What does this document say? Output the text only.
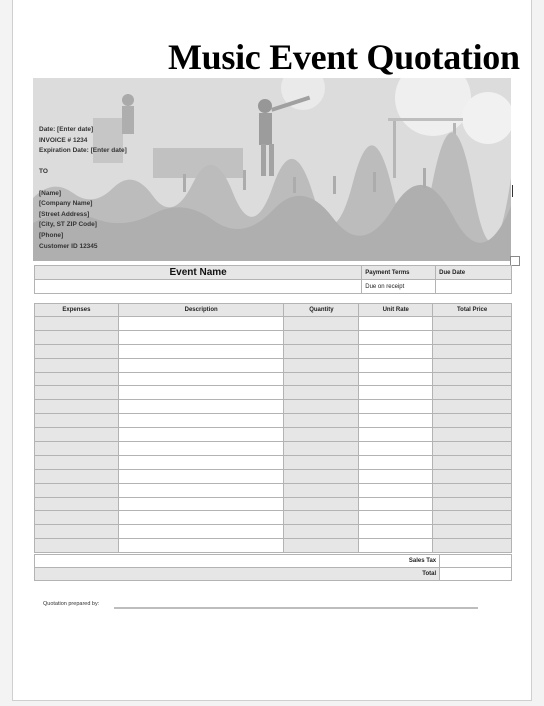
Music Event Quotation
Date: [Enter date]
INVOICE # 1234
Expiration Date: [Enter date]

TO

[Name]
[Company Name]
[Street Address]
[City, ST ZIP Code]
[Phone]
Customer ID 12345
Event Name	Payment Terms	Due Date
	Due on receipt	
Expenses	Description	Quantity	Unit Rate	Total Price

Sales Tax	
Total	
Quotation prepared by:
